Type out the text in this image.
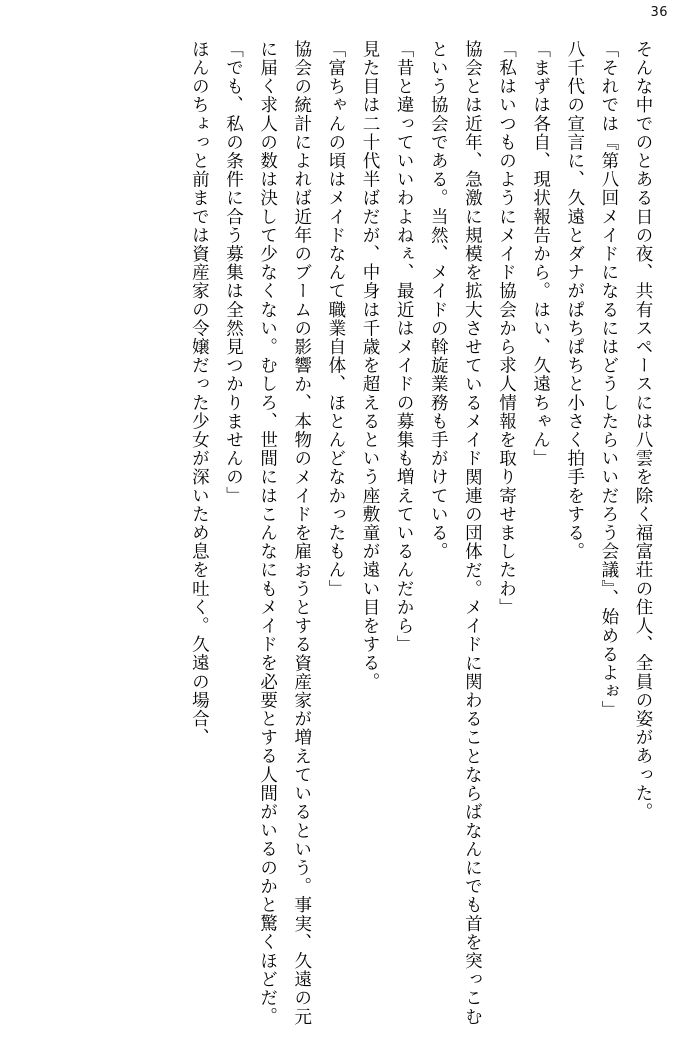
36

そんな中でのとある日の夜、共有スペースには八雲を除く福富荘の住人、全員の姿があった。

「それでは『第八回メイドになるにはどうしたらいいだろう会議』、始めるよぉ」

八千代の宣言に、久遠とダナがぱちぱちと小さく拍手をする。

「まずは各自、現状報告から。はい、久遠ちゃん」

「私はいつものようにメイド協会から求人情報を取り寄せましたわ」

協会とは近年、急激に規模を拡大させているメイド関連の団体だ。メイドに関わることならばなんにでも首を突っこむという協会である。当然、メイドの斡旋業務も手がけている。

「昔と違っていいわよねぇ、最近はメイドの募集も増えているんだから」

見た目は二十代半ばだが、中身は千歳を超えるという座敷童が遠い目をする。

「富ちゃんの頃はメイドなんて職業自体、ほとんどなかったもん」

協会の統計によれば近年のブームの影響か、本物のメイドを雇おうとする資産家が増えているという。事実、久遠の元に届く求人の数は決して少なくない。むしろ、世間にはこんなにもメイドを必要とする人間がいるのかと驚くほどだ。

「でも、私の条件に合う募集は全然見つかりませんの」

ほんのちょっと前までは資産家の令嬢だった少女が深いため息を吐く。久遠の場合、
